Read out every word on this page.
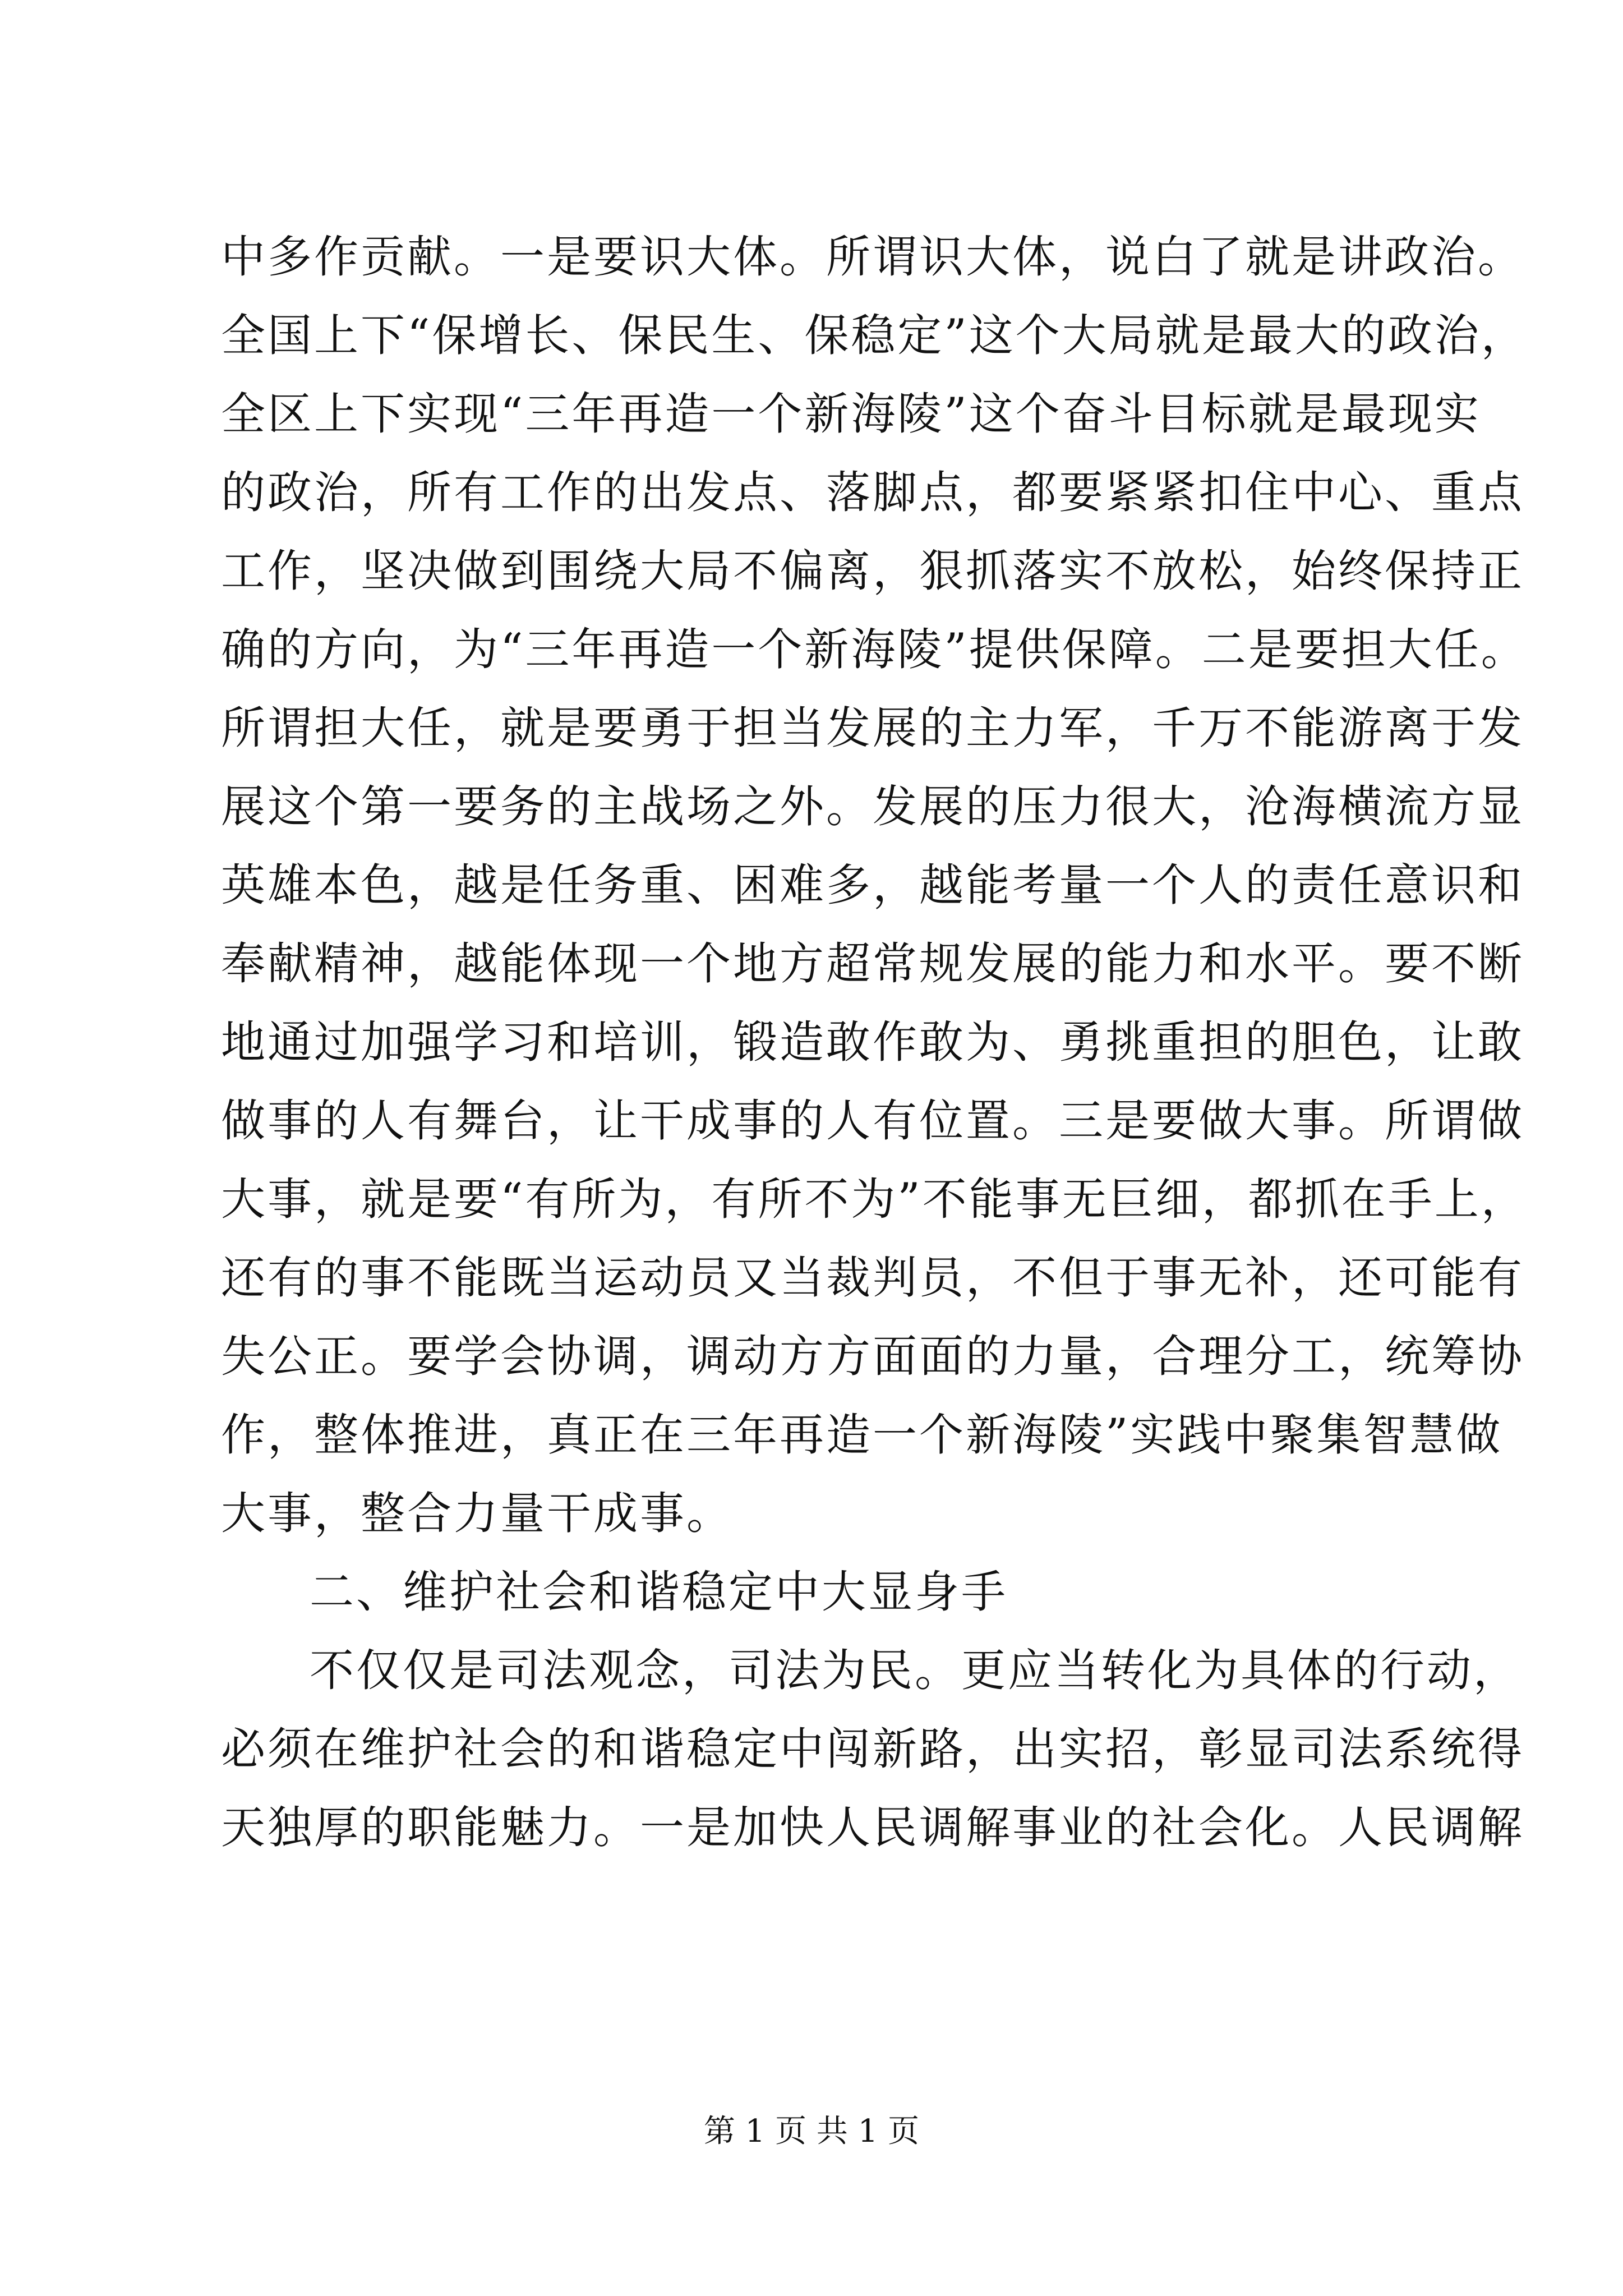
中多作贡献。一是要识大体。所谓识大体，说白了就是讲政治。
全国上下“保增长、保民生、保稳定”这个大局就是最大的政治，
全区上下实现“三年再造一个新海陵”这个奋斗目标就是最现实
的政治，所有工作的出发点、落脚点，都要紧紧扣住中心、重点
工作，坚决做到围绕大局不偏离，狠抓落实不放松，始终保持正
确的方向，为“三年再造一个新海陵”提供保障。二是要担大任。
所谓担大任，就是要勇于担当发展的主力军，千万不能游离于发
展这个第一要务的主战场之外。发展的压力很大，沧海横流方显
英雄本色，越是任务重、困难多，越能考量一个人的责任意识和
奉献精神，越能体现一个地方超常规发展的能力和水平。要不断
地通过加强学习和培训，锻造敢作敢为、勇挑重担的胆色，让敢
做事的人有舞台，让干成事的人有位置。三是要做大事。所谓做
大事，就是要“有所为，有所不为”不能事无巨细，都抓在手上，
还有的事不能既当运动员又当裁判员，不但于事无补，还可能有
失公正。要学会协调，调动方方面面的力量，合理分工，统筹协
作，整体推进，真正在三年再造一个新海陵”实践中聚集智慧做
大事，整合力量干成事。
二、维护社会和谐稳定中大显身手
不仅仅是司法观念，司法为民。更应当转化为具体的行动，
必须在维护社会的和谐稳定中闯新路，出实招，彰显司法系统得
天独厚的职能魅力。一是加快人民调解事业的社会化。人民调解
第 1 页 共 1 页
